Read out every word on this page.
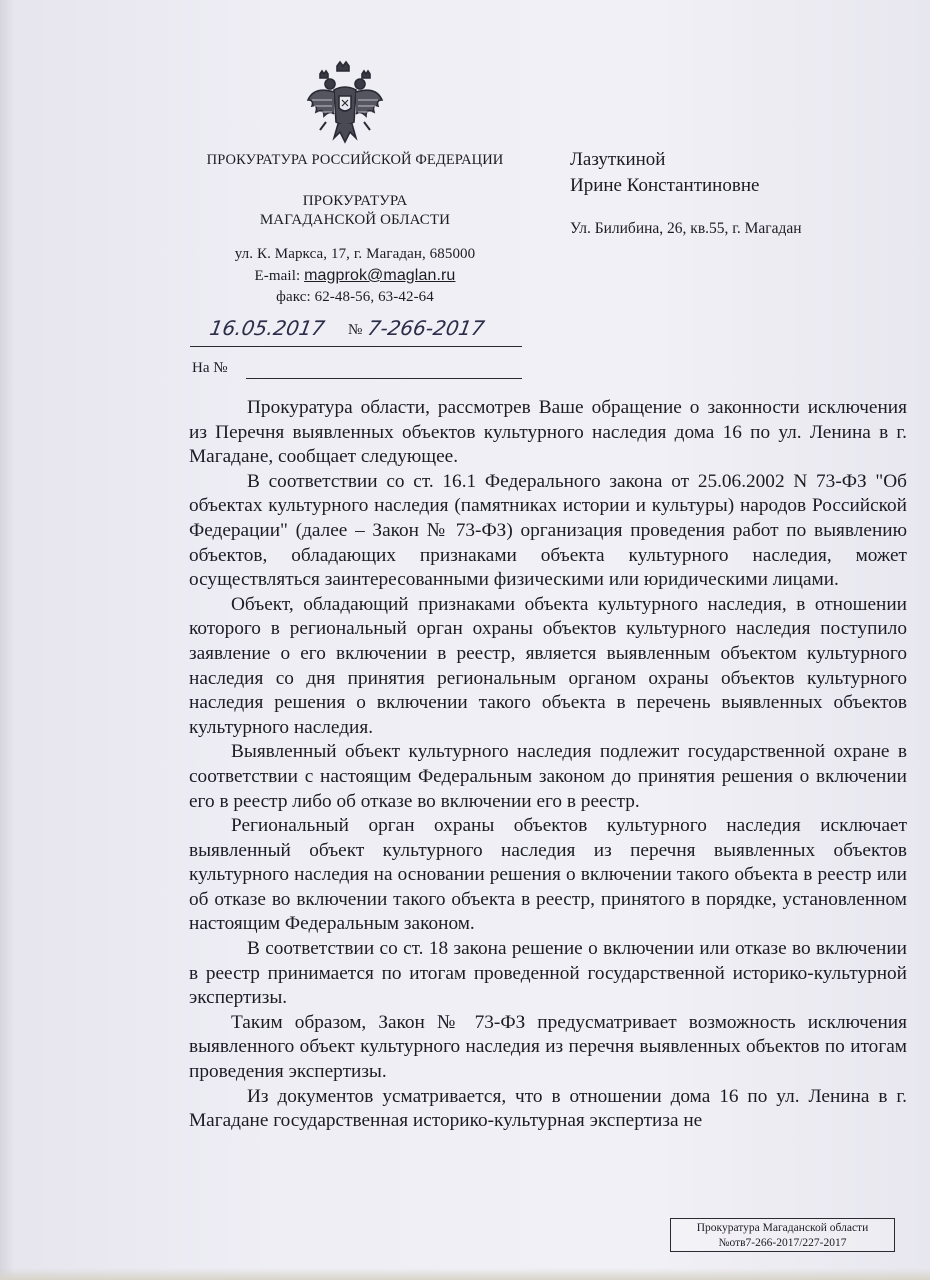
ПРОКУРАТУРА РОССИЙСКОЙ ФЕДЕРАЦИИ
ПРОКУРАТУРА
МАГАДАНСКОЙ ОБЛАСТИ
ул. К. Маркса, 17, г. Магадан, 685000
E-mail: magprok@maglan.ru
факс: 62-48-56, 63-42-64
16.05.2017 № 7-266-2017
На №
Лазуткиной
Ирине Константиновне
Ул. Билибина, 26, кв.55, г. Магадан

Прокуратура области, рассмотрев Ваше обращение о законности исключения из Перечня выявленных объектов культурного наследия дома 16 по ул. Ленина в г. Магадане, сообщает следующее.

В соответствии со ст. 16.1 Федерального закона от 25.06.2002 N 73-ФЗ "Об объектах культурного наследия (памятниках истории и культуры) народов Российской Федерации" (далее – Закон № 73-ФЗ) организация проведения работ по выявлению объектов, обладающих признаками объекта культурного наследия, может осуществляться заинтересованными физическими или юридическими лицами.

Объект, обладающий признаками объекта культурного наследия, в отношении которого в региональный орган охраны объектов культурного наследия поступило заявление о его включении в реестр, является выявленным объектом культурного наследия со дня принятия региональным органом охраны объектов культурного наследия решения о включении такого объекта в перечень выявленных объектов культурного наследия.

Выявленный объект культурного наследия подлежит государственной охране в соответствии с настоящим Федеральным законом до принятия решения о включении его в реестр либо об отказе во включении его в реестр.

Региональный орган охраны объектов культурного наследия исключает выявленный объект культурного наследия из перечня выявленных объектов культурного наследия на основании решения о включении такого объекта в реестр или об отказе во включении такого объекта в реестр, принятого в порядке, установленном настоящим Федеральным законом.

В соответствии со ст. 18 закона решение о включении или отказе во включении в реестр принимается по итогам проведенной государственной историко-культурной экспертизы.

Таким образом, Закон № 73-ФЗ предусматривает возможность исключения выявленного объект культурного наследия из перечня выявленных объектов по итогам проведения экспертизы.

Из документов усматривается, что в отношении дома 16 по ул. Ленина в г. Магадане государственная историко-культурная экспертиза не

Прокуратура Магаданской области
№отв7-266-2017/227-2017
